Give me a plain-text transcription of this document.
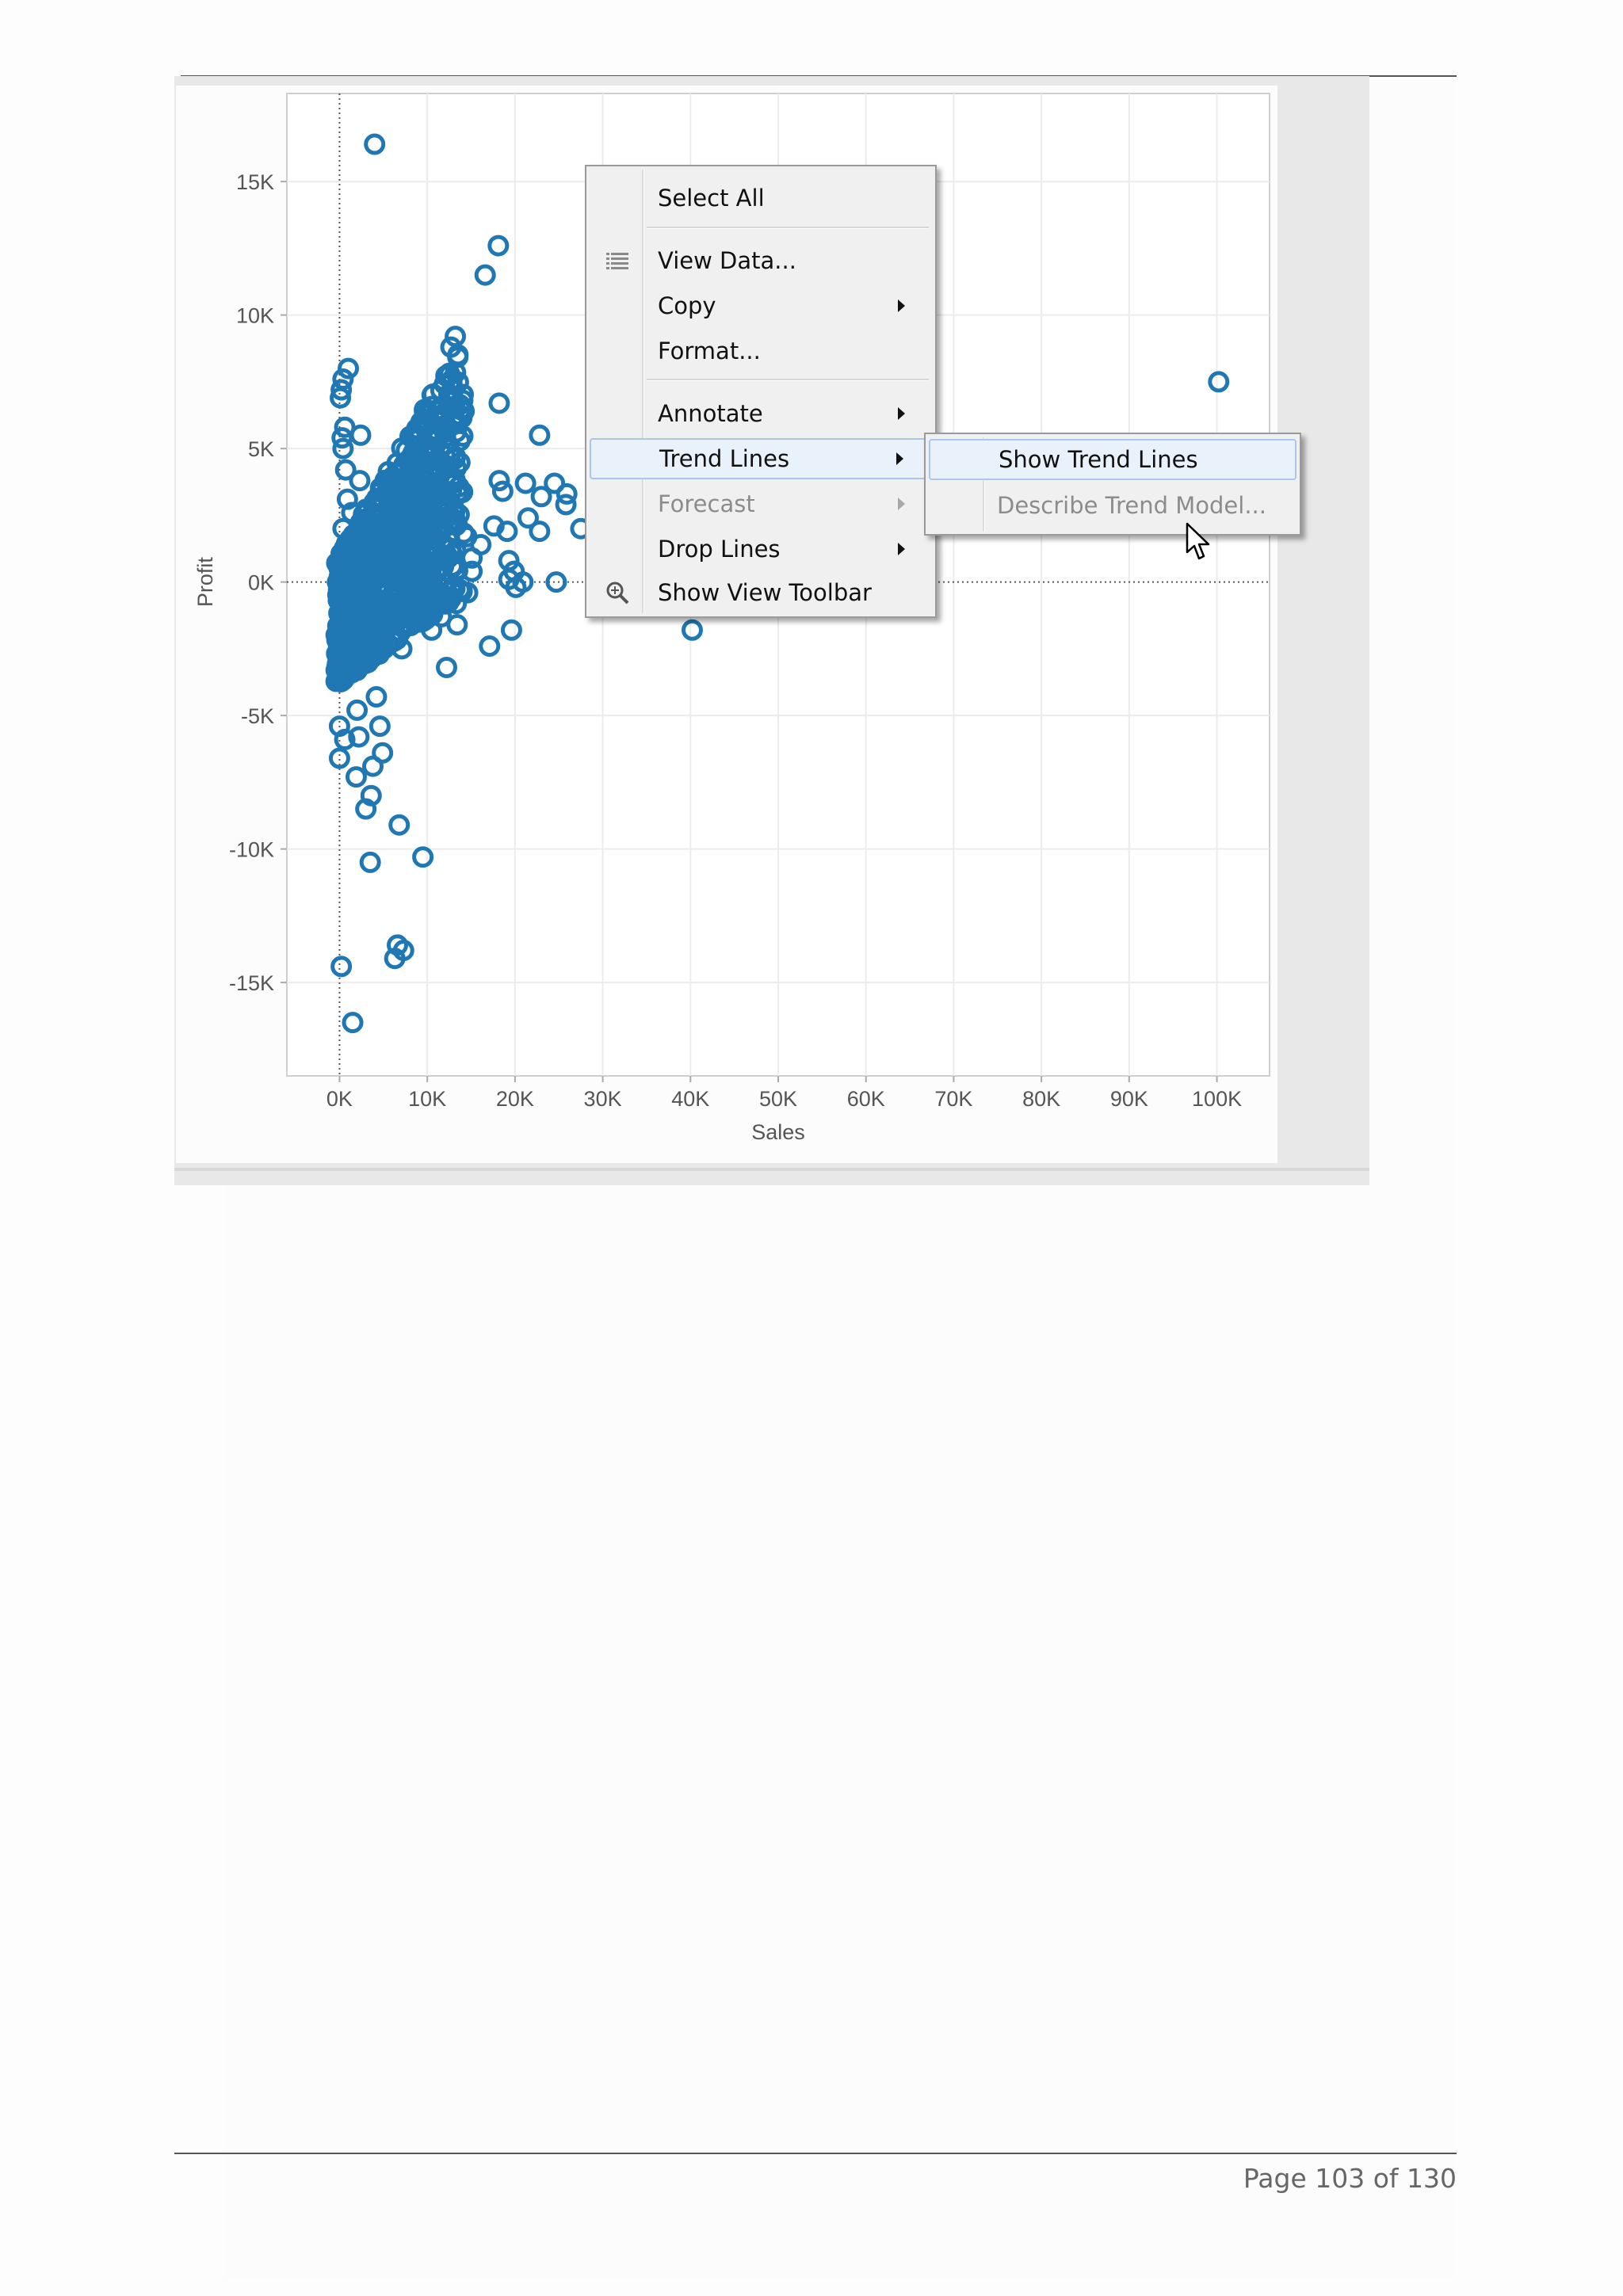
0K	10K 20K 30K 40K 50K 60K 70K 80K 90K 100K
15K
10K
5K
0K
-5K
-10K
-15K
Sales
Profit
Select All
View Data...
Copy
Format...
Annotate
Trend Lines
Forecast
Drop Lines
Show View Toolbar
Show Trend Lines
Describe Trend Model...
Page 103 of 130
